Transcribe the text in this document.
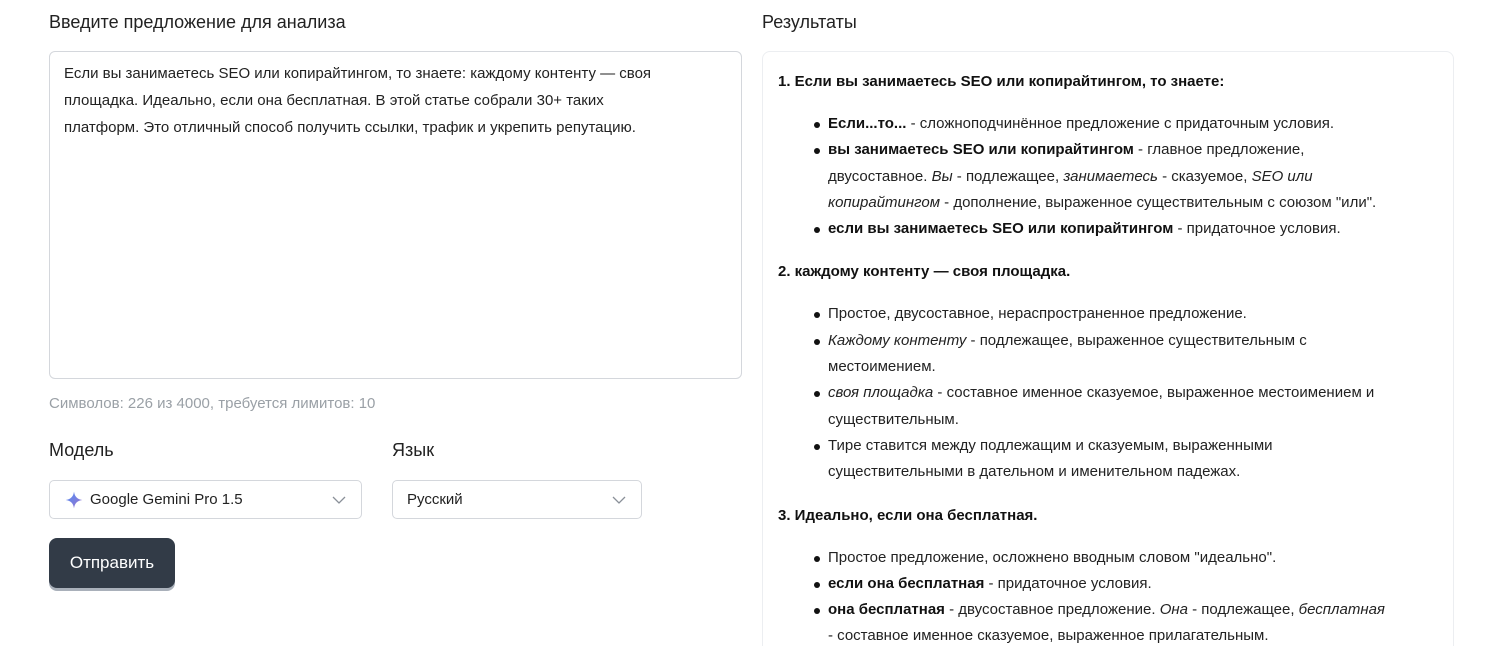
Введите предложение для анализа
Если вы занимаетесь SEO или копирайтингом, то знаете: каждому контенту — своя
площадка. Идеально, если она бесплатная. В этой статье собрали 30+ таких
платформ. Это отличный способ получить ссылки, трафик и укрепить репутацию.
Символов: 226 из 4000, требуется лимитов: 10
Модель	Язык
Google Gemini Pro 1.5	Русский
Отправить
Результаты
1. Если вы занимаетесь SEO или копирайтингом, то знаете:
Если...то... - сложноподчинённое предложение с придаточным условия.
вы занимаетесь SEO или копирайтингом - главное предложение,
двусоставное. Вы - подлежащее, занимаетесь - сказуемое, SEO или
копирайтингом - дополнение, выраженное существительным с союзом "или".
если вы занимаетесь SEO или копирайтингом - придаточное условия.
2. каждому контенту — своя площадка.
Простое, двусоставное, нераспространенное предложение.
Каждому контенту - подлежащее, выраженное существительным с
местоимением.
своя площадка - составное именное сказуемое, выраженное местоимением и
существительным.
Тире ставится между подлежащим и сказуемым, выраженными
существительными в дательном и именительном падежах.
3. Идеально, если она бесплатная.
Простое предложение, осложнено вводным словом "идеально".
если она бесплатная - придаточное условия.
она бесплатная - двусоставное предложение. Она - подлежащее, бесплатная
- составное именное сказуемое, выраженное прилагательным.
